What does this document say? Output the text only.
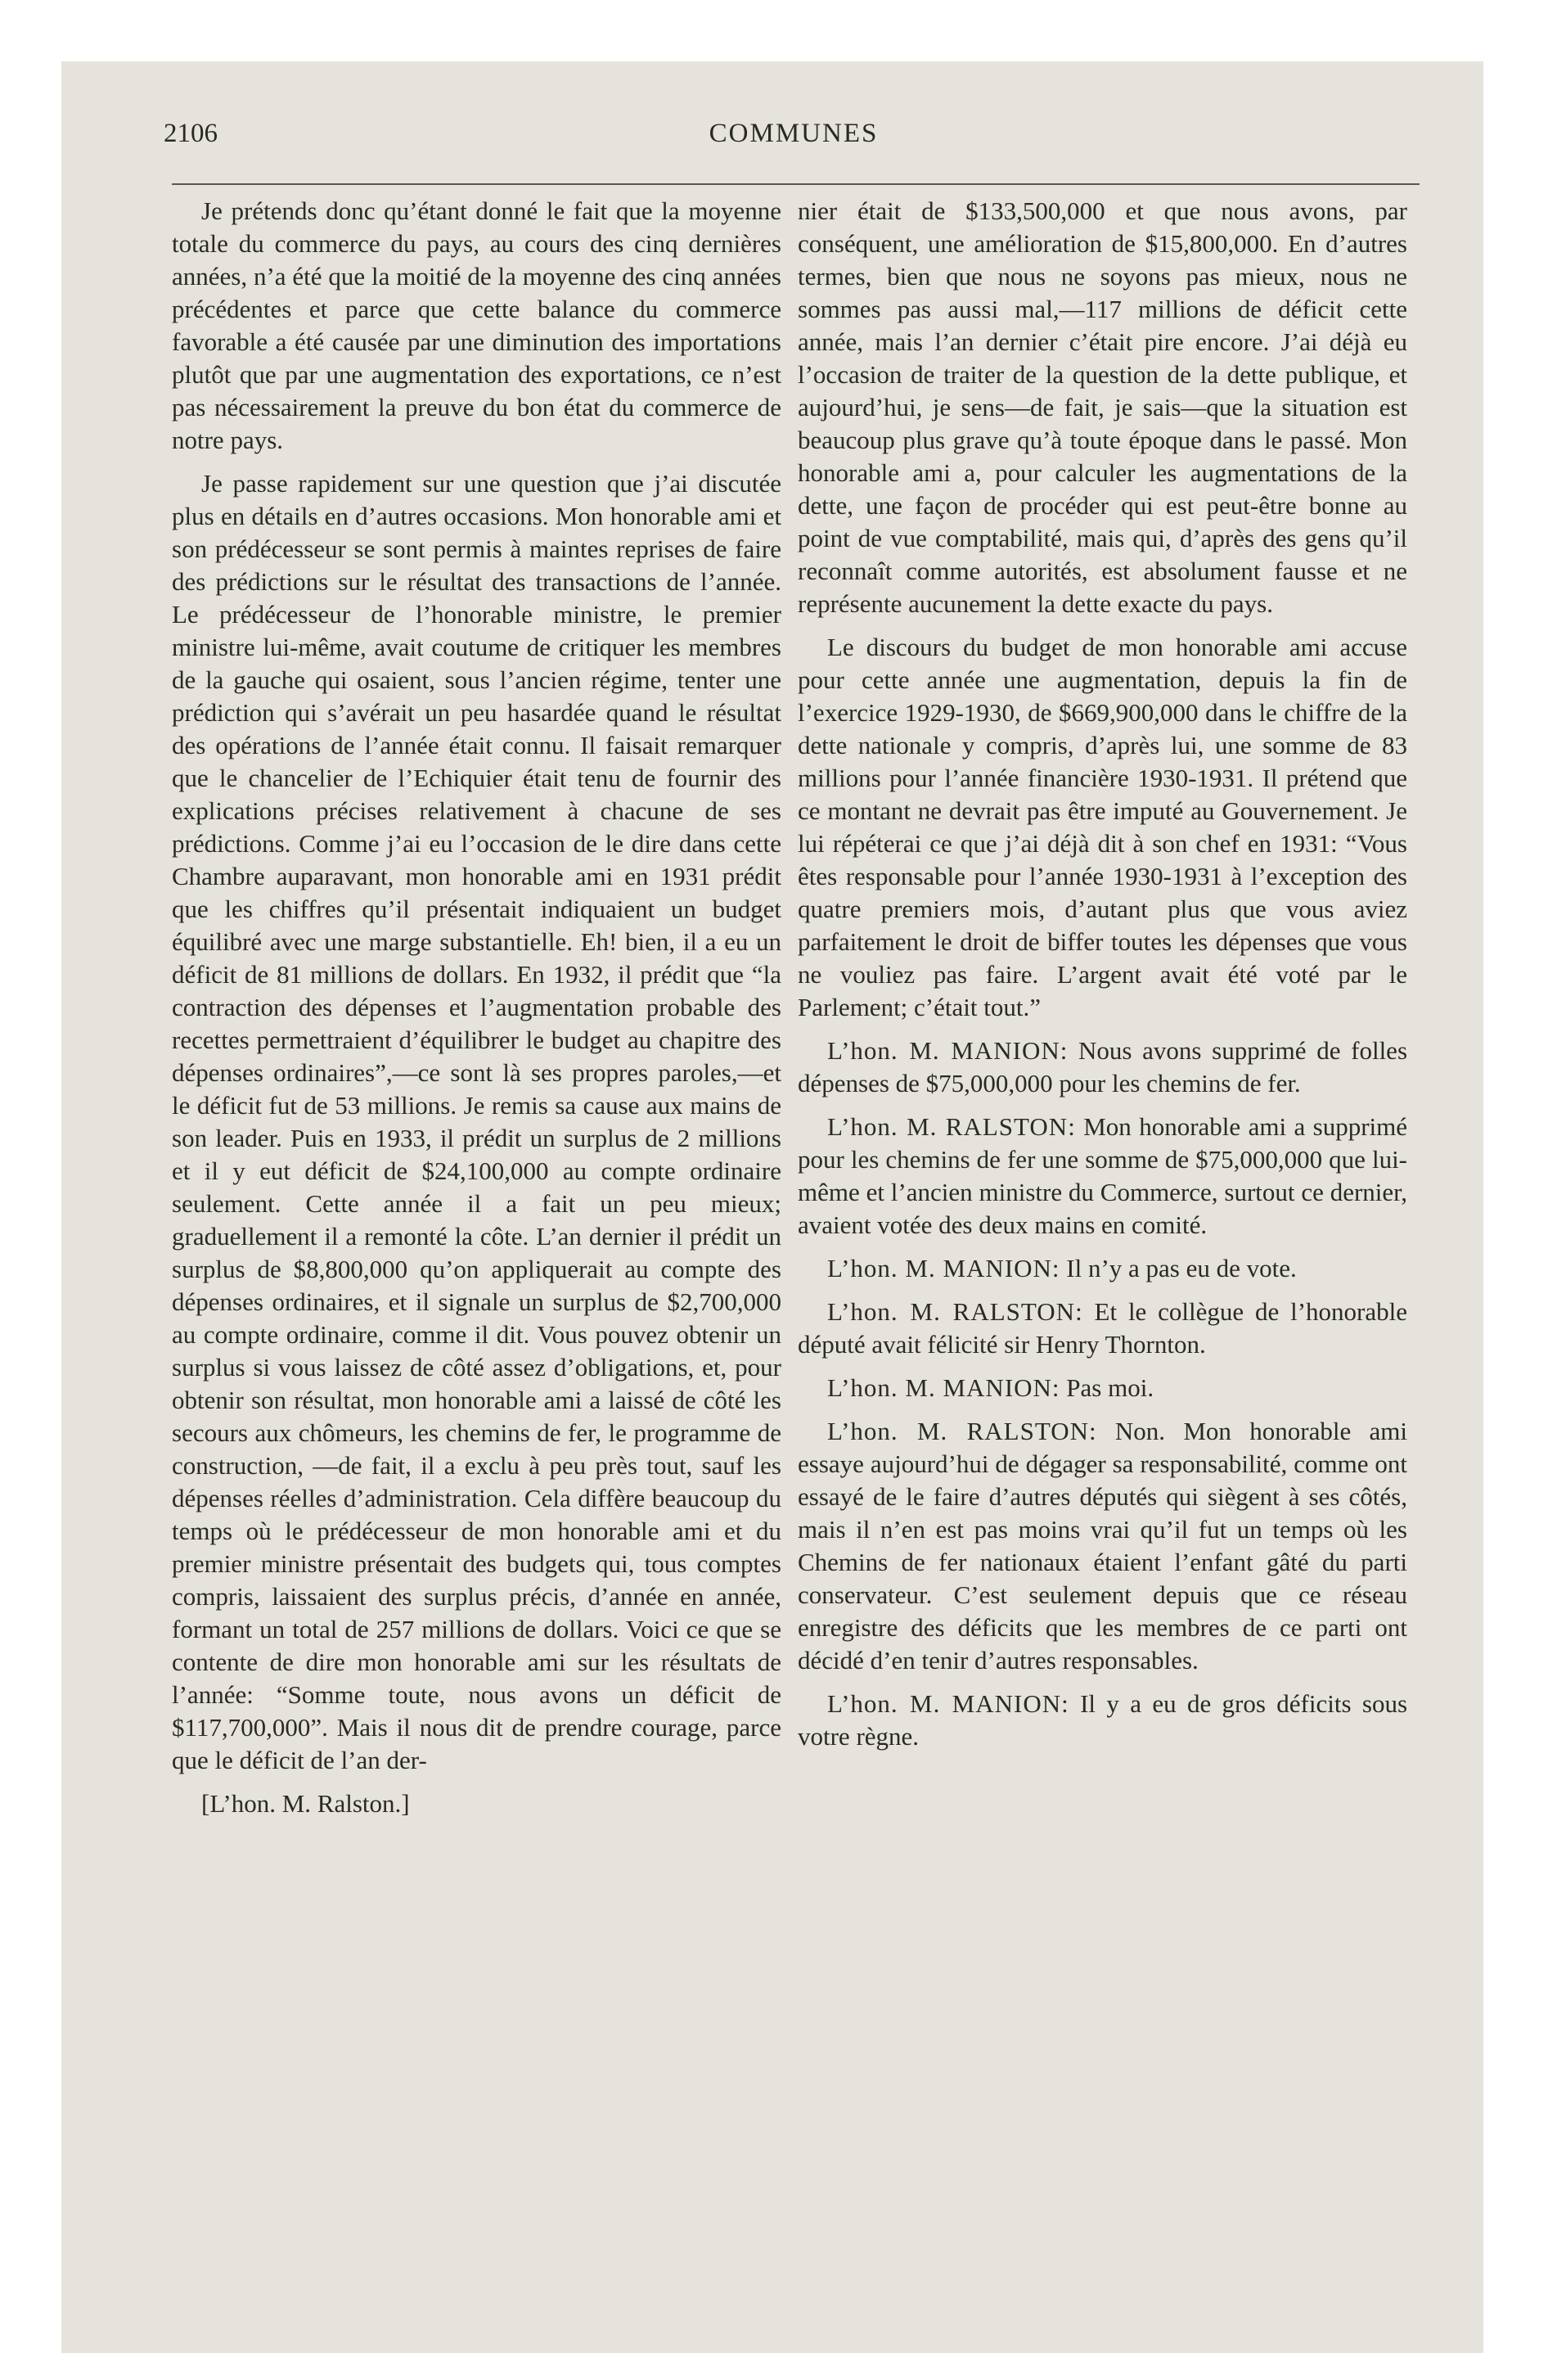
2106	COMMUNES

Je prétends donc qu’étant donné le fait que la moyenne totale du commerce du pays, au cours des cinq dernières années, n’a été que la moitié de la moyenne des cinq années précédentes et parce que cette balance du commerce favorable a été causée par une diminution des importations plutôt que par une augmentation des exportations, ce n’est pas nécessairement la preuve du bon état du commerce de notre pays.

Je passe rapidement sur une question que j’ai discutée plus en détails en d’autres occasions. Mon honorable ami et son prédécesseur se sont permis à maintes reprises de faire des prédictions sur le résultat des transactions de l’année. Le prédécesseur de l’honorable ministre, le premier ministre lui-même, avait coutume de critiquer les membres de la gauche qui osaient, sous l’ancien régime, tenter une prédiction qui s’avérait un peu hasardée quand le résultat des opérations de l’année était connu. Il faisait remarquer que le chancelier de l’Echiquier était tenu de fournir des explications précises relativement à chacune de ses prédictions. Comme j’ai eu l’occasion de le dire dans cette Chambre auparavant, mon honorable ami en 1931 prédit que les chiffres qu’il présentait indiquaient un budget équilibré avec une marge substantielle. Eh! bien, il a eu un déficit de 81 millions de dollars. En 1932, il prédit que “la contraction des dépenses et l’augmentation probable des recettes permettraient d’équilibrer le budget au chapitre des dépenses ordinaires”,—ce sont là ses propres paroles,—et le déficit fut de 53 millions. Je remis sa cause aux mains de son leader. Puis en 1933, il prédit un surplus de 2 millions et il y eut déficit de $24,100,000 au compte ordinaire seulement. Cette année il a fait un peu mieux; graduellement il a remonté la côte. L’an dernier il prédit un surplus de $8,800,000 qu’on appliquerait au compte des dépenses ordinaires, et il signale un surplus de $2,700,000 au compte ordinaire, comme il dit. Vous pouvez obtenir un surplus si vous laissez de côté assez d’obligations, et, pour obtenir son résultat, mon honorable ami a laissé de côté les secours aux chômeurs, les chemins de fer, le programme de construction, —de fait, il a exclu à peu près tout, sauf les dépenses réelles d’administration. Cela diffère beaucoup du temps où le prédécesseur de mon honorable ami et du premier ministre présentait des budgets qui, tous comptes compris, laissaient des surplus précis, d’année en année, formant un total de 257 millions de dollars. Voici ce que se contente de dire mon honorable ami sur les résultats de l’année: “Somme toute, nous avons un déficit de $117,700,000”. Mais il nous dit de prendre courage, parce que le déficit de l’an der-

[L’hon. M. Ralston.]

nier était de $133,500,000 et que nous avons, par conséquent, une amélioration de $15,800,000. En d’autres termes, bien que nous ne soyons pas mieux, nous ne sommes pas aussi mal,—117 millions de déficit cette année, mais l’an dernier c’était pire encore. J’ai déjà eu l’occasion de traiter de la question de la dette publique, et aujourd’hui, je sens—de fait, je sais—que la situation est beaucoup plus grave qu’à toute époque dans le passé. Mon honorable ami a, pour calculer les augmentations de la dette, une façon de procéder qui est peut-être bonne au point de vue comptabilité, mais qui, d’après des gens qu’il reconnaît comme autorités, est absolument fausse et ne représente aucunement la dette exacte du pays.

Le discours du budget de mon honorable ami accuse pour cette année une augmentation, depuis la fin de l’exercice 1929-1930, de $669,900,000 dans le chiffre de la dette nationale y compris, d’après lui, une somme de 83 millions pour l’année financière 1930-1931. Il prétend que ce montant ne devrait pas être imputé au Gouvernement. Je lui répéterai ce que j’ai déjà dit à son chef en 1931: “Vous êtes responsable pour l’année 1930-1931 à l’exception des quatre premiers mois, d’autant plus que vous aviez parfaitement le droit de biffer toutes les dépenses que vous ne vouliez pas faire. L’argent avait été voté par le Parlement; c’était tout.”

L’hon. M. MANION: Nous avons supprimé de folles dépenses de $75,000,000 pour les chemins de fer.

L’hon. M. RALSTON: Mon honorable ami a supprimé pour les chemins de fer une somme de $75,000,000 que lui-même et l’ancien ministre du Commerce, surtout ce dernier, avaient votée des deux mains en comité.

L’hon. M. MANION: Il n’y a pas eu de vote.

L’hon. M. RALSTON: Et le collègue de l’honorable député avait félicité sir Henry Thornton.

L’hon. M. MANION: Pas moi.

L’hon. M. RALSTON: Non. Mon honorable ami essaye aujourd’hui de dégager sa responsabilité, comme ont essayé de le faire d’autres députés qui siègent à ses côtés, mais il n’en est pas moins vrai qu’il fut un temps où les Chemins de fer nationaux étaient l’enfant gâté du parti conservateur. C’est seulement depuis que ce réseau enregistre des déficits que les membres de ce parti ont décidé d’en tenir d’autres responsables.

L’hon. M. MANION: Il y a eu de gros déficits sous votre règne.
